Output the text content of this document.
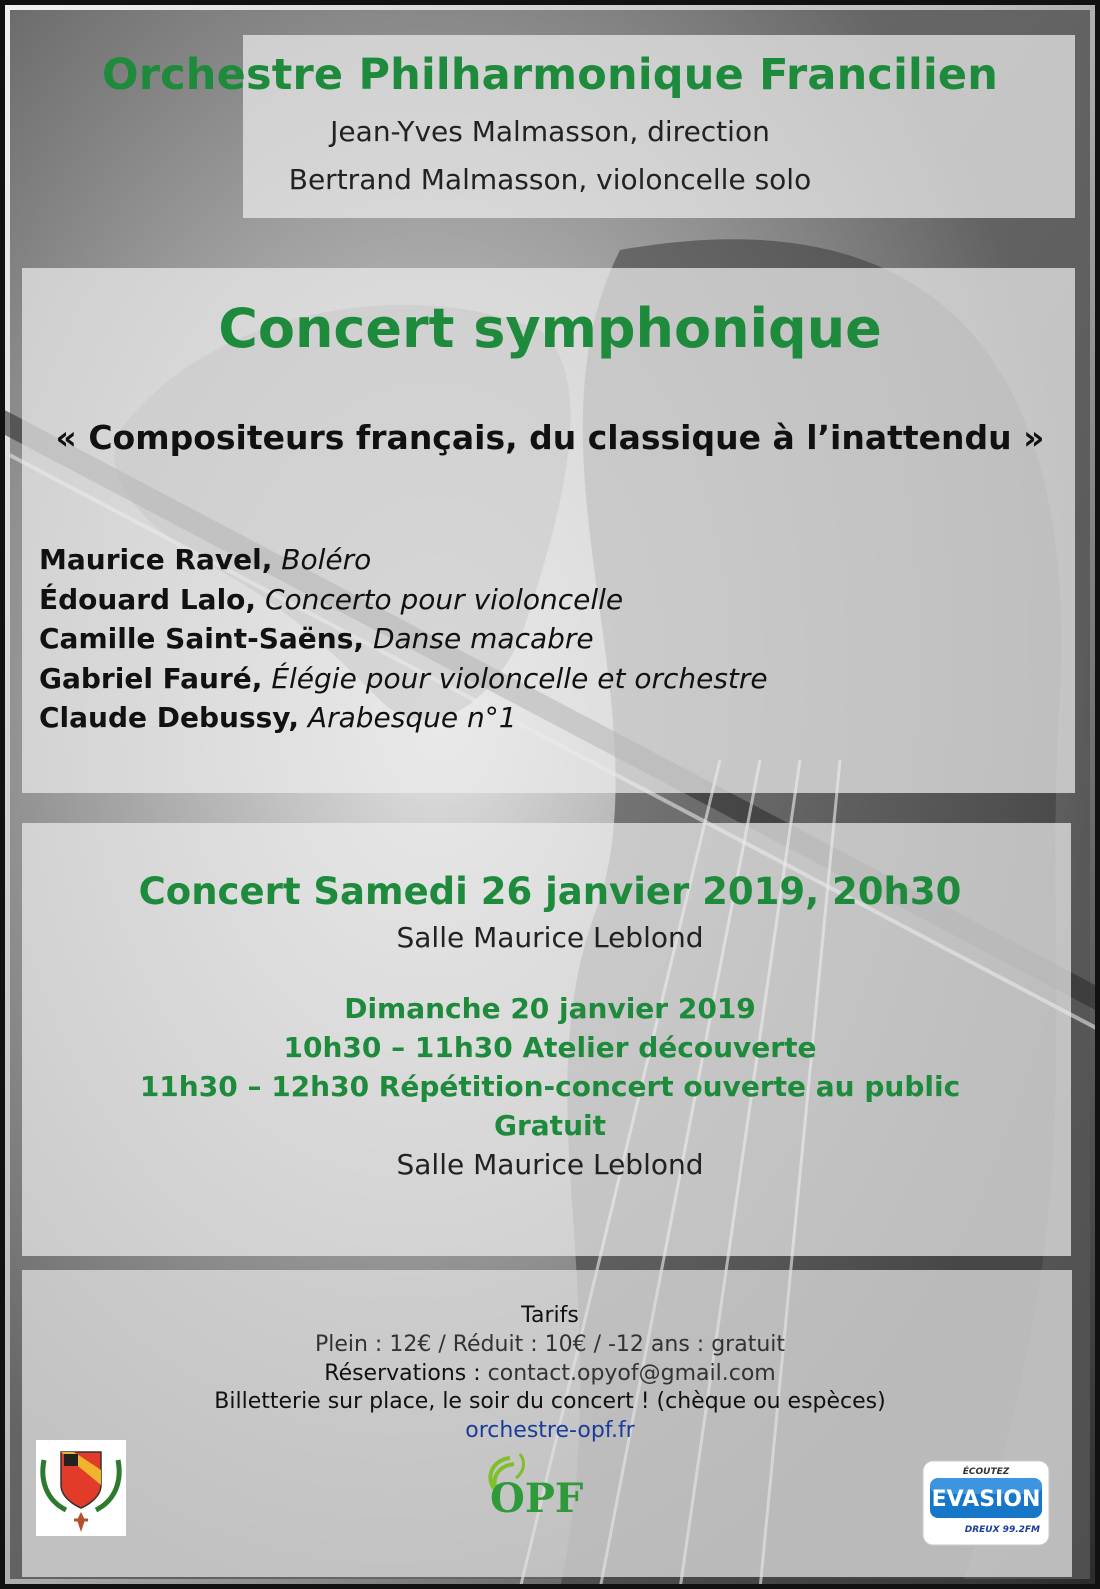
Orchestre Philharmonique Francilien
Jean-Yves Malmasson, direction
Bertrand Malmasson, violoncelle solo
Concert symphonique
« Compositeurs français, du classique à l’inattendu »
Maurice Ravel, Boléro
Édouard Lalo, Concerto pour violoncelle
Camille Saint-Saëns, Danse macabre
Gabriel Fauré, Élégie pour violoncelle et orchestre
Claude Debussy, Arabesque n°1
Concert Samedi 26 janvier 2019, 20h30
Salle Maurice Leblond
Dimanche 20 janvier 2019
10h30 – 11h30 Atelier découverte
11h30 – 12h30 Répétition-concert ouverte au public
Gratuit
Salle Maurice Leblond
Tarifs
Plein : 12€ / Réduit : 10€ / -12 ans : gratuit
Réservations : contact.opyof@gmail.com
Billetterie sur place, le soir du concert ! (chèque ou espèces)
orchestre-opf.fr
OPF
ÉCOUTEZ
EVASION
DREUX 99.2FM
